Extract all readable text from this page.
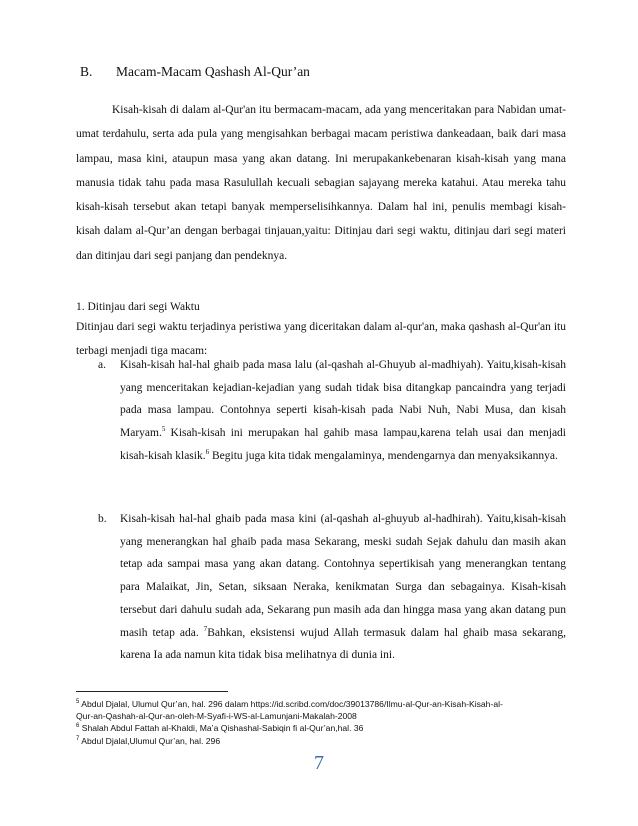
B. Macam-Macam Qashash Al-Qur’an
Kisah-kisah di dalam al-Qur'an itu bermacam-macam, ada yang menceritakan para Nabidan umat-umat terdahulu, serta ada pula yang mengisahkan berbagai macam peristiwa dankeadaan, baik dari masa lampau, masa kini, ataupun masa yang akan datang. Ini merupakankebenaran kisah-kisah yang mana manusia tidak tahu pada masa Rasulullah kecuali sebagian sajayang mereka katahui. Atau mereka tahu kisah-kisah tersebut akan tetapi banyak memperselisihkannya. Dalam hal ini, penulis membagi kisah-kisah dalam al-Qur’an dengan berbagai tinjauan,yaitu: Ditinjau dari segi waktu, ditinjau dari segi materi dan ditinjau dari segi panjang dan pendeknya.
1. Ditinjau dari segi Waktu
Ditinjau dari segi waktu terjadinya peristiwa yang diceritakan dalam al-qur'an, maka qashash al-Qur'an itu terbagi menjadi tiga macam:
a. Kisah-kisah hal-hal ghaib pada masa lalu (al-qashah al-Ghuyub al-madhiyah). Yaitu,kisah-kisah yang menceritakan kejadian-kejadian yang sudah tidak bisa ditangkap pancaindra yang terjadi pada masa lampau. Contohnya seperti kisah-kisah pada Nabi Nuh, Nabi Musa, dan kisah Maryam.$^5$ Kisah-kisah ini merupakan hal gahib masa lampau,karena telah usai dan menjadi kisah-kisah klasik.$^6$ Begitu juga kita tidak mengalaminya, mendengarnya dan menyaksikannya.
b. Kisah-kisah hal-hal ghaib pada masa kini (al-qashah al-ghuyub al-hadhirah). Yaitu,kisah-kisah yang menerangkan hal ghaib pada masa Sekarang, meski sudah Sejak dahulu dan masih akan tetap ada sampai masa yang akan datang. Contohnya sepertikisah yang menerangkan tentang para Malaikat, Jin, Setan, siksaan Neraka, kenikmatan Surga dan sebagainya. Kisah-kisah tersebut dari dahulu sudah ada, Sekarang pun masih ada dan hingga masa yang akan datang pun masih tetap ada. $^7$Bahkan, eksistensi wujud Allah termasuk dalam hal ghaib masa sekarang, karena Ia ada namun kita tidak bisa melihatnya di dunia ini.
$^5$ Abdul Djalal, Ulumul Qur’an, hal. 296 dalam https://id.scribd.com/doc/39013786/Ilmu-al-Qur-an-Kisah-Kisah-al-
Qur-an-Qashah-al-Qur-an-oleh-M-Syafi-i-WS-al-Lamunjani-Makalah-2008
$^6$ Shalah Abdul Fattah al-Khaldi, Ma’a Qishashal-Sabiqin fi al-Qur’an,hal. 36
$^7$ Abdul Djalal,Ulumul Qur’an, hal. 296
7
